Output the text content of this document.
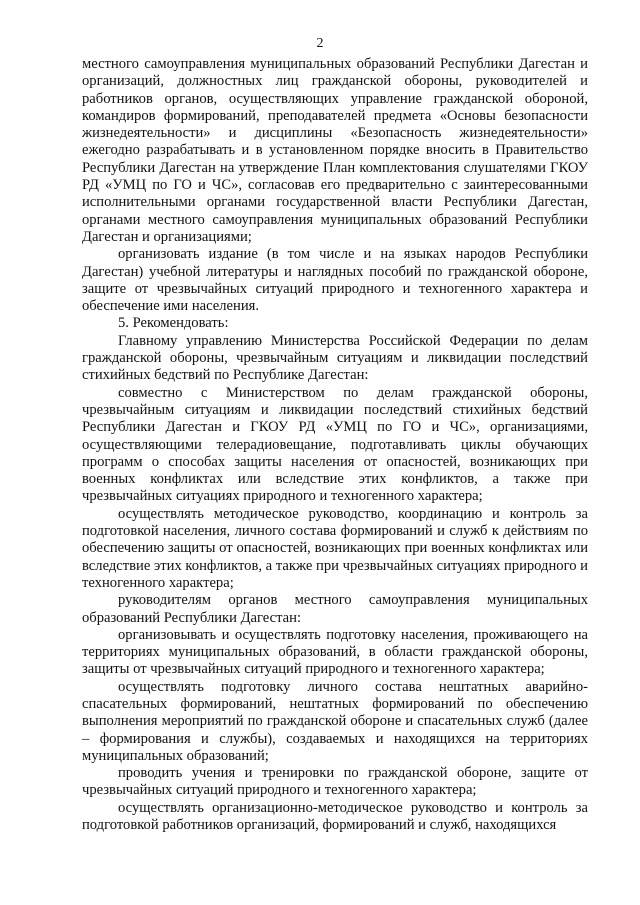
2

местного самоуправления муниципальных образований Республики Дагестан и организаций, должностных лиц гражданской обороны, руководителей и работников органов, осуществляющих управление гражданской обороной, командиров формирований, преподавателей предмета «Основы безопасности жизнедеятельности» и дисциплины «Безопасность жизнедеятельности» ежегодно разрабатывать и в установленном порядке вносить в Правительство Республики Дагестан на утверждение План комплектования слушателями ГКОУ РД «УМЦ по ГО и ЧС», согласовав его предварительно с заинтересованными исполнительными органами государственной власти Республики Дагестан, органами местного самоуправления муниципальных образований Республики Дагестан и организациями;

организовать издание (в том числе и на языках народов Республики Дагестан) учебной литературы и наглядных пособий по гражданской обороне, защите от чрезвычайных ситуаций природного и техногенного характера и обеспечение ими населения.

5. Рекомендовать:

Главному управлению Министерства Российской Федерации по делам гражданской обороны, чрезвычайным ситуациям и ликвидации последствий стихийных бедствий по Республике Дагестан:

совместно с Министерством по делам гражданской обороны, чрезвычайным ситуациям и ликвидации последствий стихийных бедствий Республики Дагестан и ГКОУ РД «УМЦ по ГО и ЧС», организациями, осуществляющими телерадиовещание, подготавливать циклы обучающих программ о способах защиты населения от опасностей, возникающих при военных конфликтах или вследствие этих конфликтов, а также при чрезвычайных ситуациях природного и техногенного характера;

осуществлять методическое руководство, координацию и контроль за подготовкой населения, личного состава формирований и служб к действиям по обеспечению защиты от опасностей, возникающих при военных конфликтах или вследствие этих конфликтов, а также при чрезвычайных ситуациях природного и техногенного характера;

руководителям органов местного самоуправления муниципальных образований Республики Дагестан:

организовывать и осуществлять подготовку населения, проживающего на территориях муниципальных образований, в области гражданской обороны, защиты от чрезвычайных ситуаций природного и техногенного характера;

осуществлять подготовку личного состава нештатных аварийно-спасательных формирований, нештатных формирований по обеспечению выполнения мероприятий по гражданской обороне и спасательных служб (далее – формирования и службы), создаваемых и находящихся на территориях муниципальных образований;

проводить учения и тренировки по гражданской обороне, защите от чрезвычайных ситуаций природного и техногенного характера;

осуществлять организационно-методическое руководство и контроль за подготовкой работников организаций, формирований и служб, находящихся
